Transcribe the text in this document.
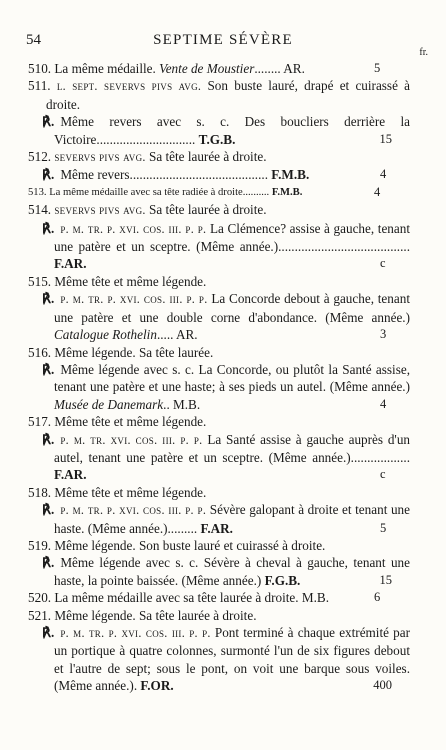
54	SEPTIME SÉVÈRE
fr.
510. La même médaille. Vente de Moustier........ AR.	5
511. l. sept. severvs pivs avg. Son buste lauré, drapé et cuirassé à droite.
℟. Même revers avec s. c. Des boucliers derrière la Victoire.............................. T.G.B.	15
512. severvs pivs avg. Sa tête laurée à droite.
℟. Même revers.......................................... F.M.B.	4
513. La même médaille avec sa tête radiée à droite.......... F.M.B.	4
514. severvs pivs avg. Sa tête laurée à droite.
℟. p. m. tr. p. xvi. cos. iii. p. p. La Clémence? assise à gauche, tenant une patère et un sceptre. (Même année.)........................................ F.AR.	c
515. Même tête et même légende.
℟. p. m. tr. p. xvi. cos. iii. p. p. La Concorde debout à gauche, tenant une patère et une double corne d'abondance. (Même année.) Catalogue Rothelin..... AR.	3
516. Même légende. Sa tête laurée.
℟. Même légende avec s. c. La Concorde, ou plutôt la Santé assise, tenant une patère et une haste; à ses pieds un autel. (Même année.) Musée de Danemark.. M.B.	4
517. Même tête et même légende.
℟. p. m. tr. xvi. cos. iii. p. p. La Santé assise à gauche auprès d'un autel, tenant une patère et un sceptre. (Même année.).................. F.AR.	c
518. Même tête et même légende.
℟. p. m. tr. p. xvi. cos. iii. p. p. Sévère galopant à droite et tenant une haste. (Même année.)......... F.AR.	5
519. Même légende. Son buste lauré et cuirassé à droite.
℟. Même légende avec s. c. Sévère à cheval à gauche, tenant une haste, la pointe baissée. (Même année.) F.G.B.	15
520. La même médaille avec sa tête laurée à droite. M.B.	6
521. Même légende. Sa tête laurée à droite.
℟. p. m. tr. p. xvi. cos. iii. p. p. Pont terminé à chaque extrémité par un portique à quatre colonnes, surmonté l'un de six figures debout et l'autre de sept; sous le pont, on voit une barque sous voiles. (Même année.). F.OR.	400
